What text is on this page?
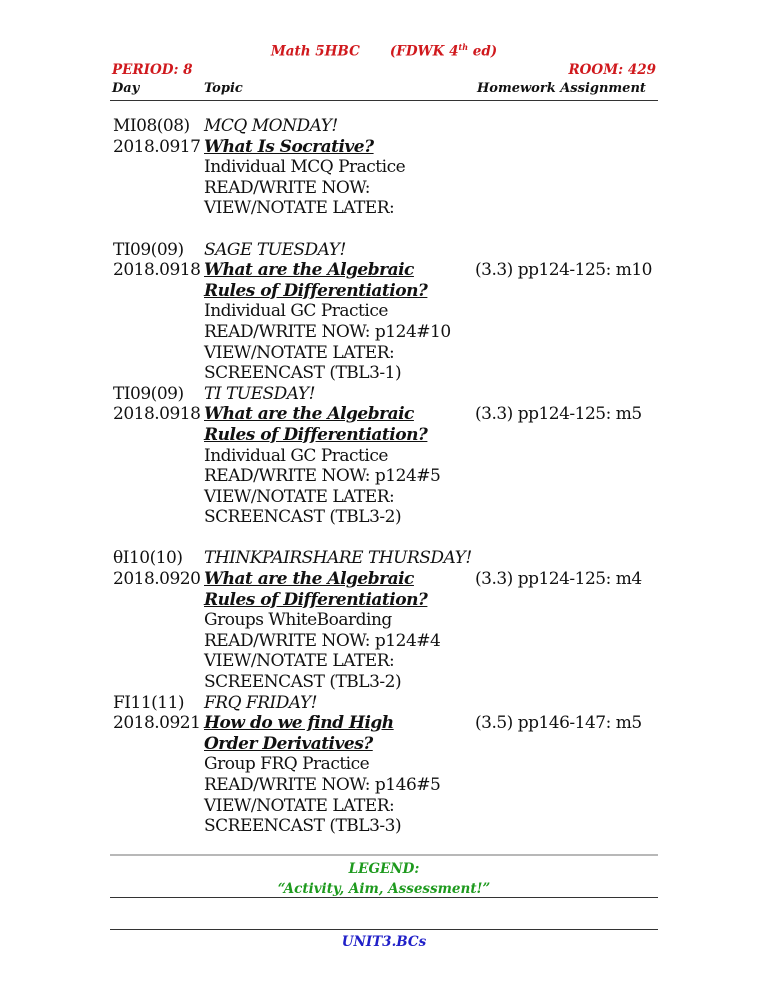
Math 5HBC (FDWK 4th ed)
PERIOD: 8	ROOM: 429
Day	Topic	Homework Assignment
MI08(08) MCQ MONDAY!
2018.0917 What Is Socrative?
Individual MCQ Practice
READ/WRITE NOW:
VIEW/NOTATE LATER:
TI09(09)	SAGE TUESDAY!
2018.0918 What are the Algebraic	(3.3) pp124-125: m10
Rules of Differentiation?
Individual GC Practice
READ/WRITE NOW: p124#10
VIEW/NOTATE LATER:
SCREENCAST (TBL3-1)
TI09(09)	TI TUESDAY!
2018.0918 What are the Algebraic	(3.3) pp124-125: m5
Rules of Differentiation?
Individual GC Practice
READ/WRITE NOW: p124#5
VIEW/NOTATE LATER:
SCREENCAST (TBL3-2)
θI10(10)	THINKPAIRSHARE THURSDAY!
2018.0920 What are the Algebraic	(3.3) pp124-125: m4
Rules of Differentiation?
Groups WhiteBoarding
READ/WRITE NOW: p124#4
VIEW/NOTATE LATER:
SCREENCAST (TBL3-2)
FI11(11)	FRQ FRIDAY!
2018.0921 How do we find High	(3.5) pp146-147: m5
Order Derivatives?
Group FRQ Practice
READ/WRITE NOW: p146#5
VIEW/NOTATE LATER:
SCREENCAST (TBL3-3)
LEGEND:
“Activity, Aim, Assessment!”
UNIT3.BCs
